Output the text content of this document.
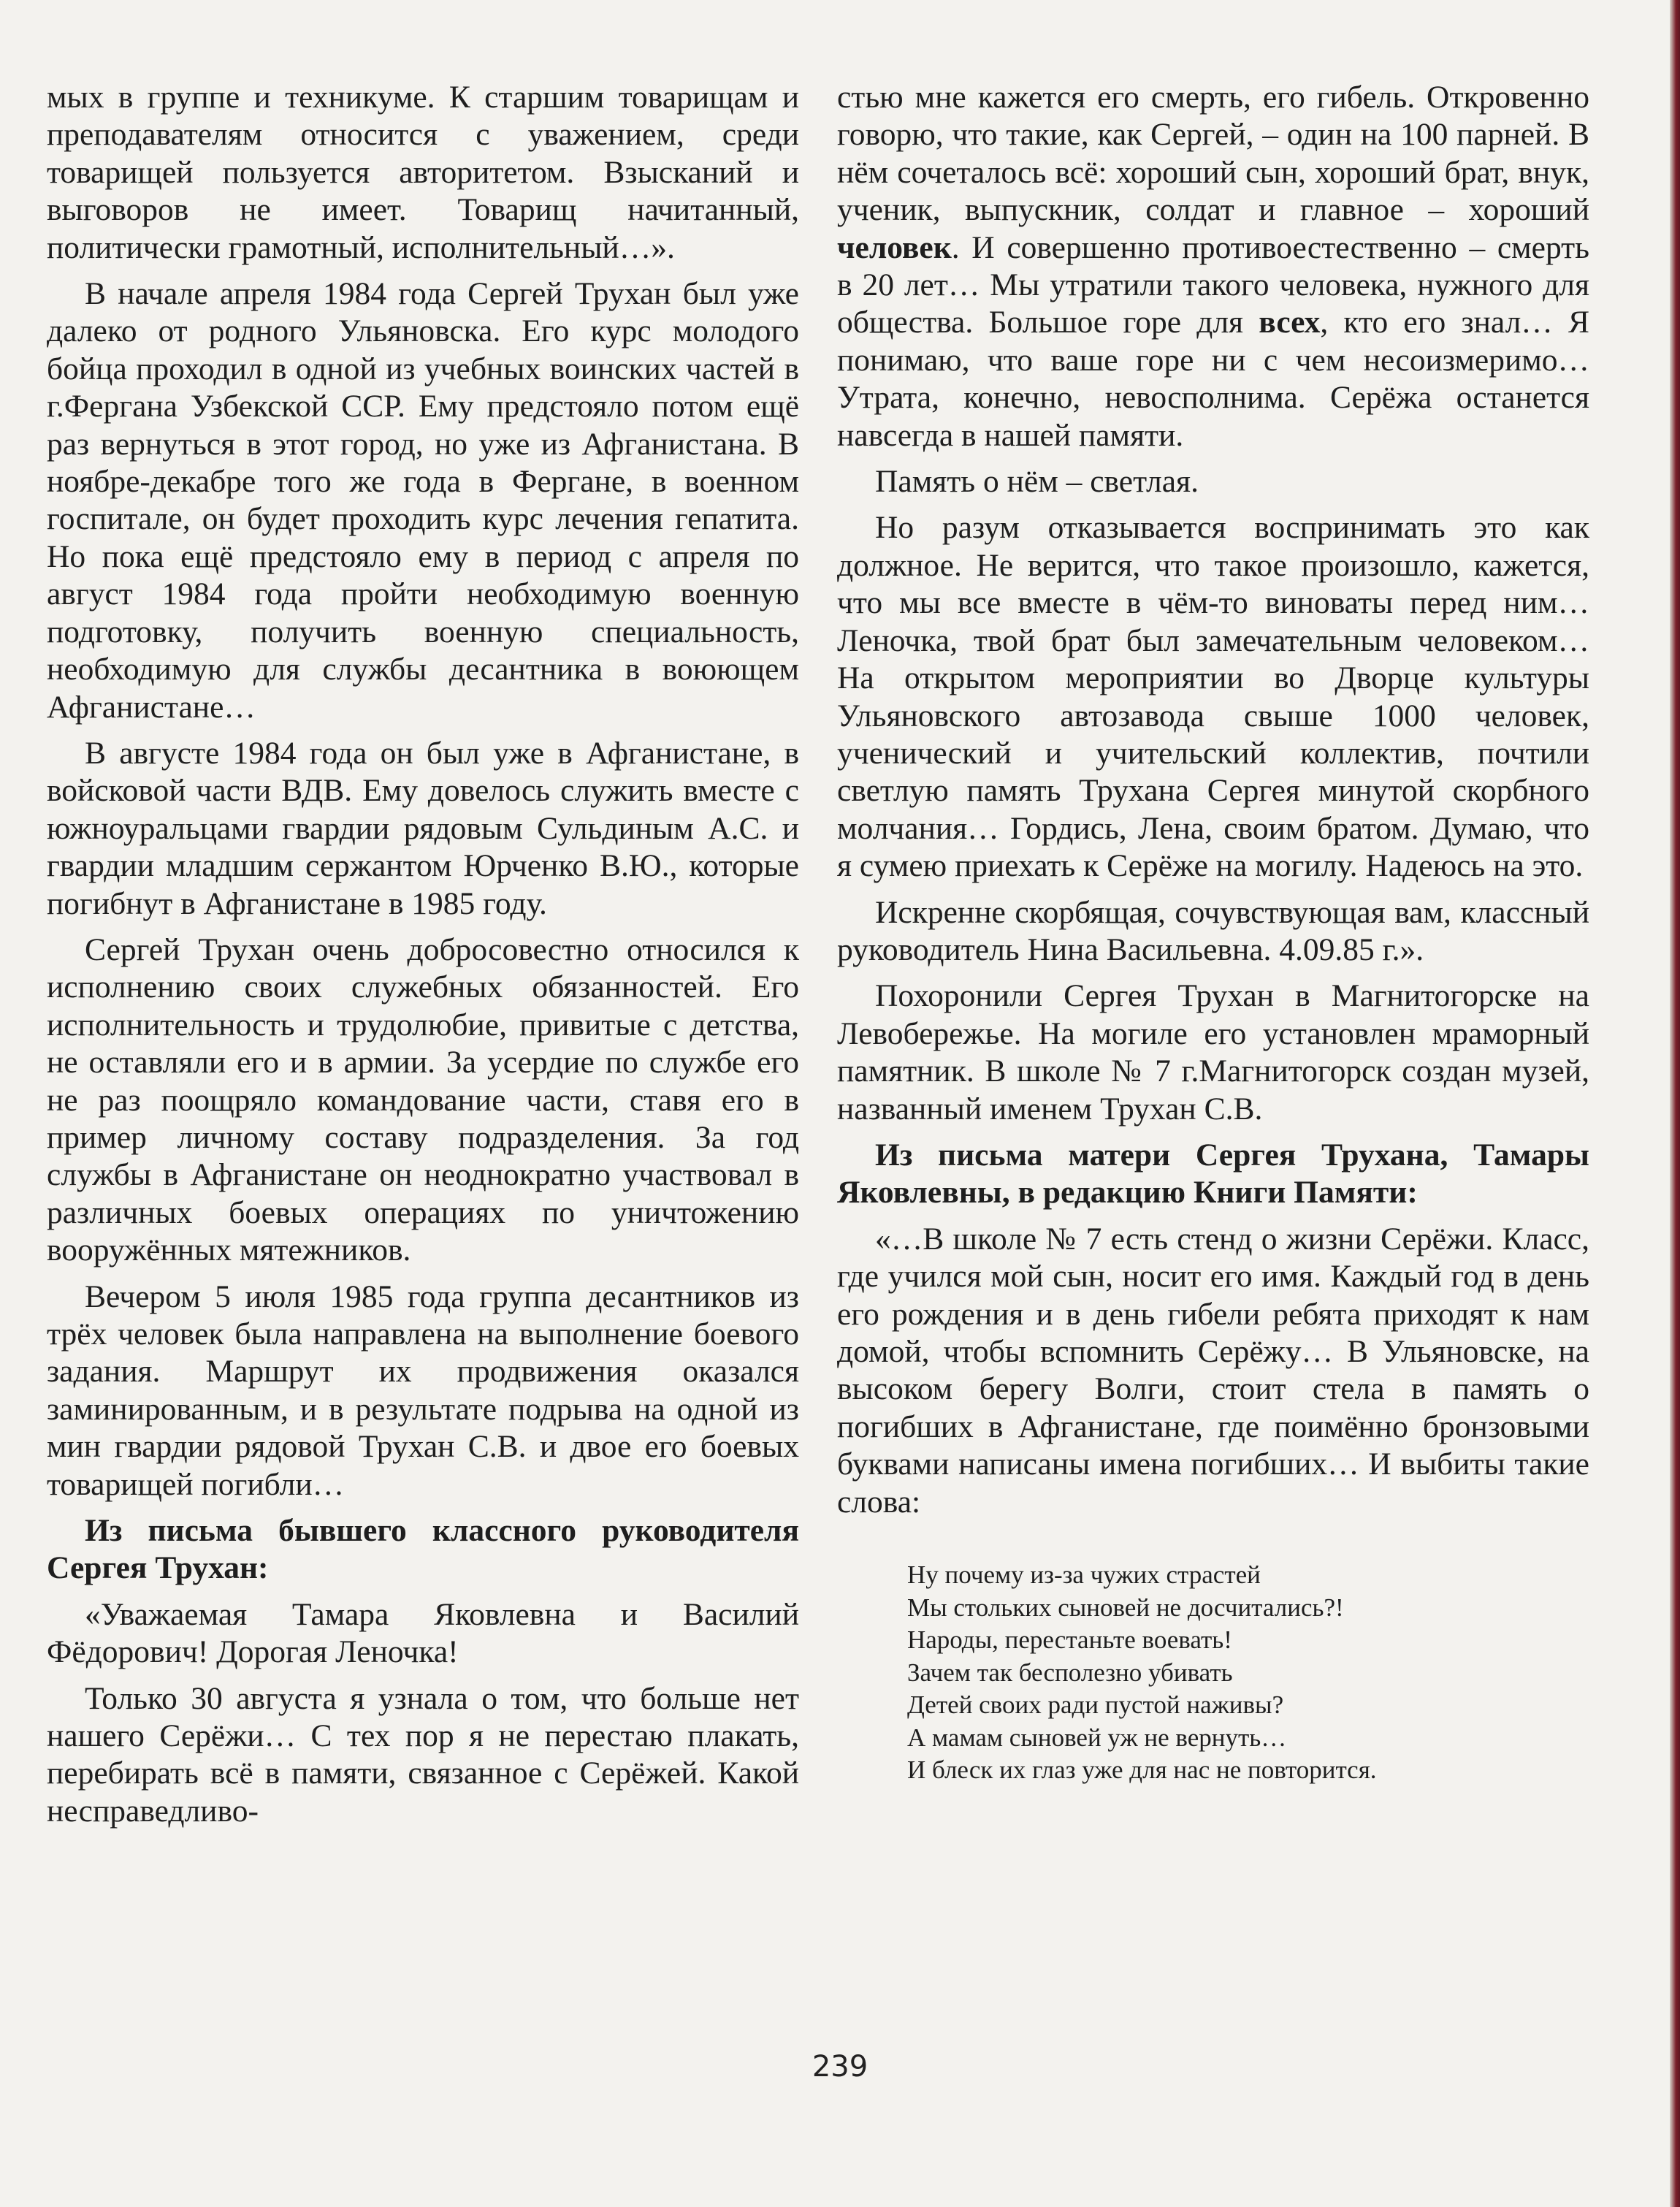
мых в группе и техникуме. К старшим товарищам и преподавателям относится с уважением, среди товарищей пользуется авторитетом. Взысканий и выговоров не имеет. Товарищ начитанный, политически грамотный, исполнительный…».

В начале апреля 1984 года Сергей Трухан был уже далеко от родного Ульяновска. Его курс молодого бойца проходил в одной из учебных воинских частей в г.Фергана Узбекской ССР. Ему предстояло потом ещё раз вернуться в этот город, но уже из Афганистана. В ноябре-декабре того же года в Фергане, в военном госпитале, он будет проходить курс лечения гепатита. Но пока ещё предстояло ему в период с апреля по август 1984 года пройти необходимую военную подготовку, получить военную специальность, необходимую для службы десантника в воюющем Афганистане…

В августе 1984 года он был уже в Афганистане, в войсковой части ВДВ. Ему довелось служить вместе с южноуральцами гвардии рядовым Сульдиным А.С. и гвардии младшим сержантом Юрченко В.Ю., которые погибнут в Афганистане в 1985 году.

Сергей Трухан очень добросовестно относился к исполнению своих служебных обязанностей. Его исполнительность и трудолюбие, привитые с детства, не оставляли его и в армии. За усердие по службе его не раз поощряло командование части, ставя его в пример личному составу подразделения. За год службы в Афганистане он неоднократно участвовал в различных боевых операциях по уничтожению вооружённых мятежников.

Вечером 5 июля 1985 года группа десантников из трёх человек была направлена на выполнение боевого задания. Маршрут их продвижения оказался заминированным, и в результате подрыва на одной из мин гвардии рядовой Трухан С.В. и двое его боевых товарищей погибли…

Из письма бывшего классного руководителя Сергея Трухан:

«Уважаемая Тамара Яковлевна и Василий Фёдорович! Дорогая Леночка!

Только 30 августа я узнала о том, что больше нет нашего Серёжи… С тех пор я не перестаю плакать, перебирать всё в памяти, связанное с Серёжей. Какой несправедливо-

стью мне кажется его смерть, его гибель. Откровенно говорю, что такие, как Сергей, – один на 100 парней. В нём сочеталось всё: хороший сын, хороший брат, внук, ученик, выпускник, солдат и главное – хороший человек. И совершенно противоестественно – смерть в 20 лет… Мы утратили такого человека, нужного для общества. Большое горе для всех, кто его знал… Я понимаю, что ваше горе ни с чем несоизмеримо… Утрата, конечно, невосполнима. Серёжа останется навсегда в нашей памяти.

Память о нём – светлая.

Но разум отказывается воспринимать это как должное. Не верится, что такое произошло, кажется, что мы все вместе в чём-то виноваты перед ним… Леночка, твой брат был замечательным человеком… На открытом мероприятии во Дворце культуры Ульяновского автозавода свыше 1000 человек, ученический и учительский коллектив, почтили светлую память Трухана Сергея минутой скорбного молчания… Гордись, Лена, своим братом. Думаю, что я сумею приехать к Серёже на могилу. Надеюсь на это.

Искренне скорбящая, сочувствующая вам, классный руководитель Нина Васильевна. 4.09.85 г.».

Похоронили Сергея Трухан в Магнитогорске на Левобережье. На могиле его установлен мраморный памятник. В школе № 7 г.Магнитогорск создан музей, названный именем Трухан С.В.

Из письма матери Сергея Трухана, Тамары Яковлевны, в редакцию Книги Памяти:

«…В школе № 7 есть стенд о жизни Серёжи. Класс, где учился мой сын, носит его имя. Каждый год в день его рождения и в день гибели ребята приходят к нам домой, чтобы вспомнить Серёжу… В Ульяновске, на высоком берегу Волги, стоит стела в память о погибших в Афганистане, где поимённо бронзовыми буквами написаны имена погибших… И выбиты такие слова:

Ну почему из-за чужих страстей
Мы стольких сыновей не досчитались?!
Народы, перестаньте воевать!
Зачем так бесполезно убивать
Детей своих ради пустой наживы?
А мамам сыновей уж не вернуть…
И блеск их глаз уже для нас не повторится.
239
